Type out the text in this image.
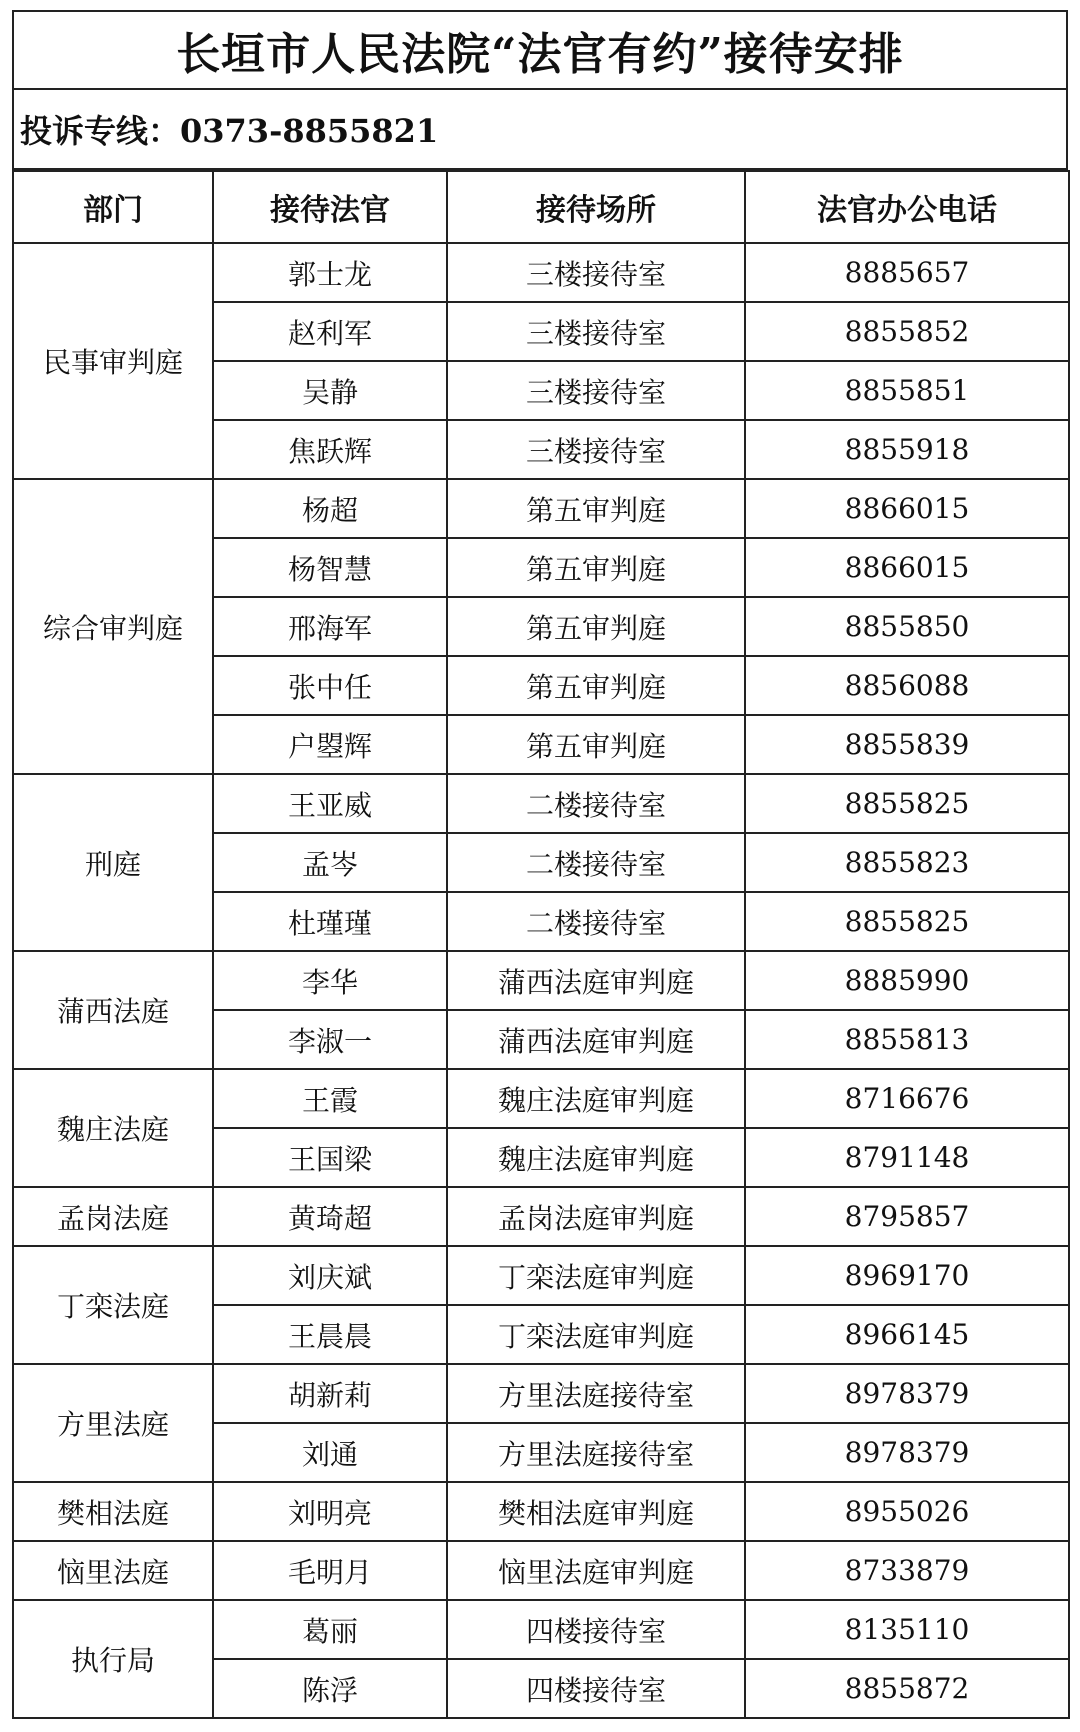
长垣市人民法院“法官有约”接待安排
投诉专线：0373-8855821
部门	接待法官	接待场所	法官办公电话
民事审判庭	郭士龙	三楼接待室	8885657
	赵利军	三楼接待室	8855852
	吴静	三楼接待室	8855851
	焦跃辉	三楼接待室	8855918
综合审判庭	杨超	第五审判庭	8866015
	杨智慧	第五审判庭	8866015
	邢海军	第五审判庭	8855850
	张中任	第五审判庭	8856088
	户曌辉	第五审判庭	8855839
刑庭	王亚威	二楼接待室	8855825
	孟岑	二楼接待室	8855823
	杜瑾瑾	二楼接待室	8855825
蒲西法庭	李华	蒲西法庭审判庭	8885990
	李淑一	蒲西法庭审判庭	8855813
魏庄法庭	王霞	魏庄法庭审判庭	8716676
	王国梁	魏庄法庭审判庭	8791148
孟岗法庭	黄琦超	孟岗法庭审判庭	8795857
丁栾法庭	刘庆斌	丁栾法庭审判庭	8969170
	王晨晨	丁栾法庭审判庭	8966145
方里法庭	胡新莉	方里法庭接待室	8978379
	刘通	方里法庭接待室	8978379
樊相法庭	刘明亮	樊相法庭审判庭	8955026
恼里法庭	毛明月	恼里法庭审判庭	8733879
执行局	葛丽	四楼接待室	8135110
	陈浮	四楼接待室	8855872
